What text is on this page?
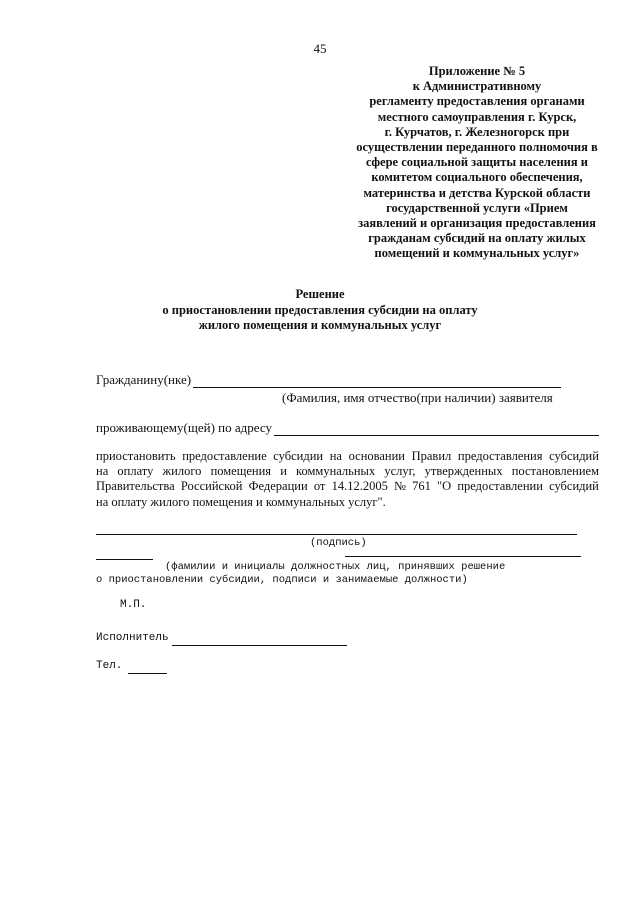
45
Приложение № 5
к Административному
регламенту предоставления органами
местного самоуправления г. Курск,
г. Курчатов, г. Железногорск при
осуществлении переданного полномочия в
сфере социальной защиты населения и
комитетом социального обеспечения,
материнства и детства Курской области
государственной услуги «Прием
заявлений и организация предоставления
гражданам субсидий на оплату жилых
помещений и коммунальных услуг»
Решение
о приостановлении предоставления субсидии на оплату
жилого помещения и коммунальных услуг
Гражданину(нке)
(Фамилия, имя отчество(при наличии) заявителя
проживающему(щей) по адресу
приостановить предоставление субсидии на основании Правил предоставления субсидий
на оплату жилого помещения и коммунальных услуг, утвержденных постановлением
Правительства Российской Федерации от 14.12.2005 № 761 "О предоставлении субсидий
на оплату жилого помещения и коммунальных услуг".
(подпись)
(фамилии и инициалы должностных лиц, принявших решение
о приостановлении субсидии, подписи и занимаемые должности)
М.П.
Исполнитель
Тел.
